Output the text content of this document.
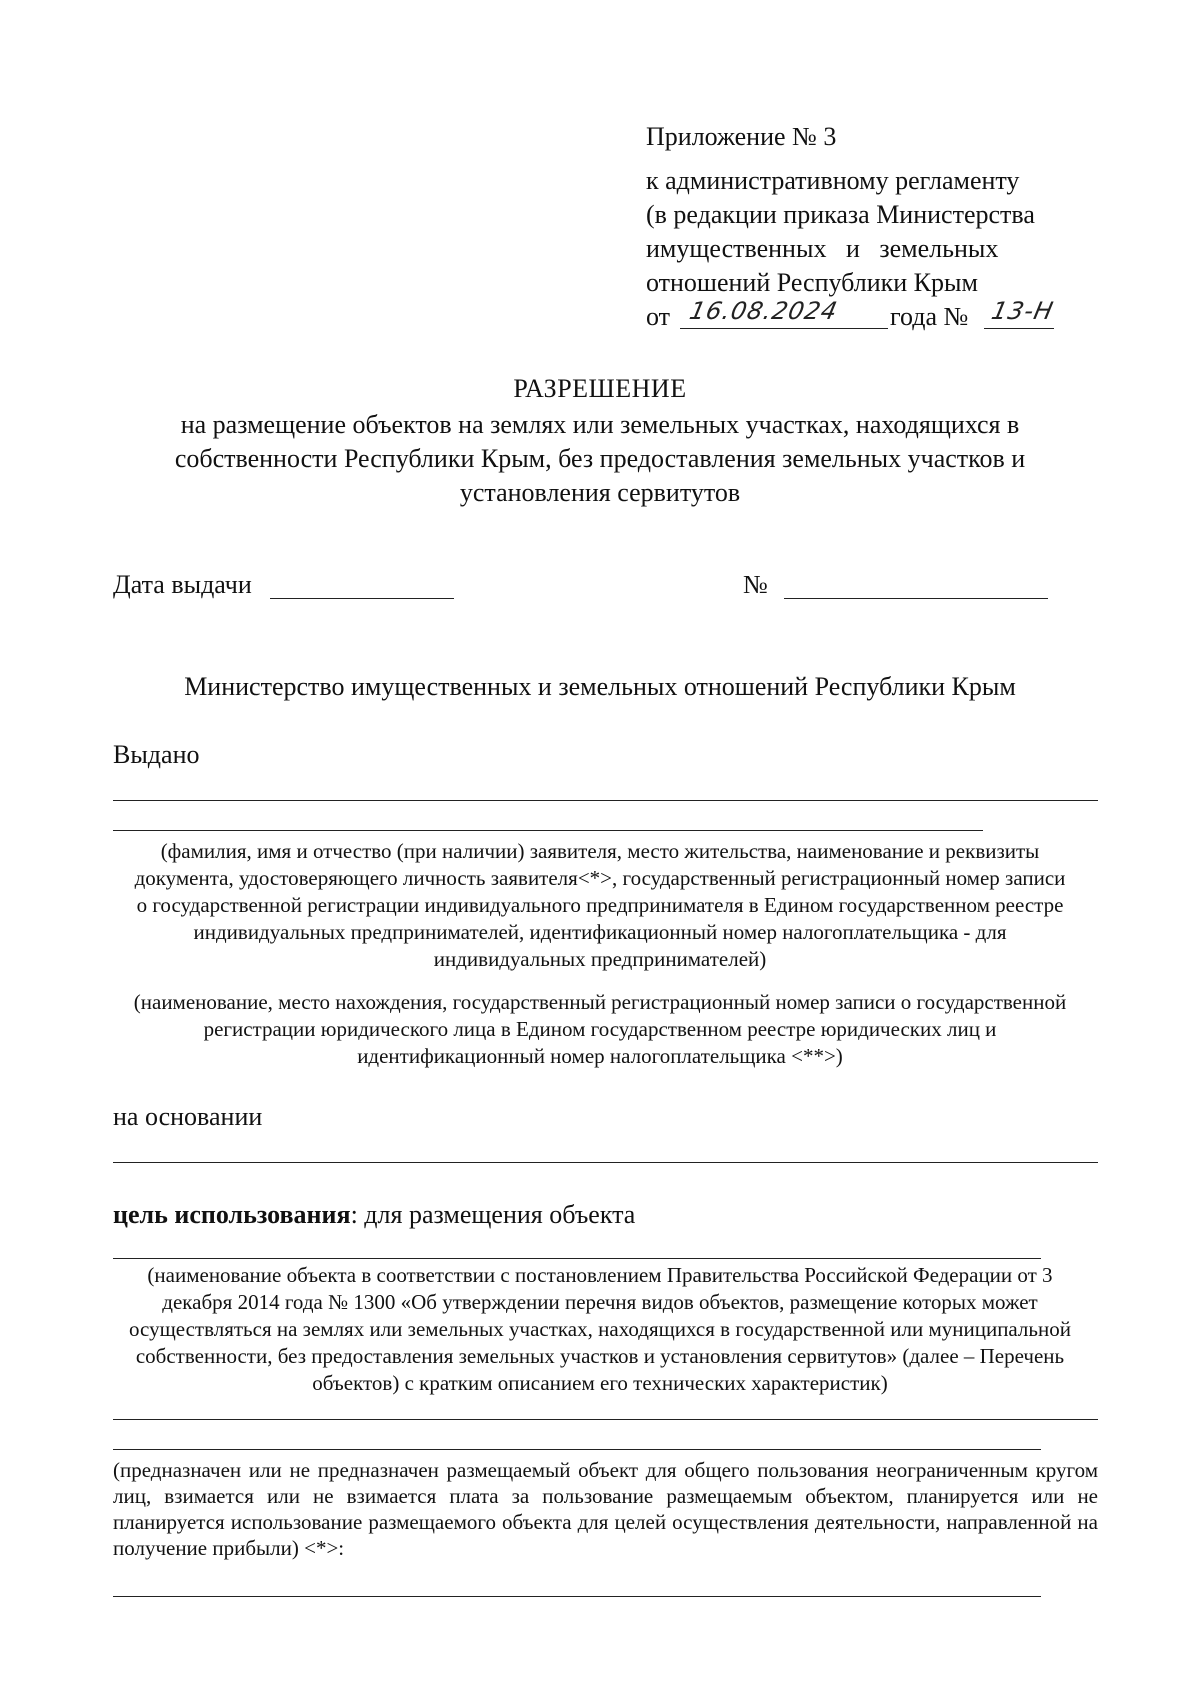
Приложение № 3
к административному регламенту
(в редакции приказа Министерства
имущественных   и   земельных
отношений Республики Крым
от 16.08.2024	года № 13-Н
РАЗРЕШЕНИЕ
на размещение объектов на землях или земельных участках, находящихся в
собственности Республики Крым, без предоставления земельных участков и
установления сервитутов
Дата выдачи	№
Министерство имущественных и земельных отношений Республики Крым
Выдано
(фамилия, имя и отчество (при наличии) заявителя, место жительства, наименование и реквизиты
документа, удостоверяющего личность заявителя<*>, государственный регистрационный номер записи
о государственной регистрации индивидуального предпринимателя в Едином государственном реестре
индивидуальных предпринимателей, идентификационный номер налогоплательщика - для
индивидуальных предпринимателей)
(наименование, место нахождения, государственный регистрационный номер записи о государственной
регистрации юридического лица в Едином государственном реестре юридических лиц и
идентификационный номер налогоплательщика <**>)
на основании
цель использования: для размещения объекта
(наименование объекта в соответствии с постановлением Правительства Российской Федерации от 3
декабря 2014 года № 1300 «Об утверждении перечня видов объектов, размещение которых может
осуществляться на землях или земельных участках, находящихся в государственной или муниципальной
собственности, без предоставления земельных участков и установления сервитутов» (далее – Перечень
объектов) с кратким описанием его технических характеристик)
(предназначен или не предназначен размещаемый объект для общего пользования неограниченным кругом лиц, взимается или не взимается плата за пользование размещаемым объектом, планируется или не планируется использование размещаемого объекта для целей осуществления деятельности, направленной на получение прибыли) <*>:
